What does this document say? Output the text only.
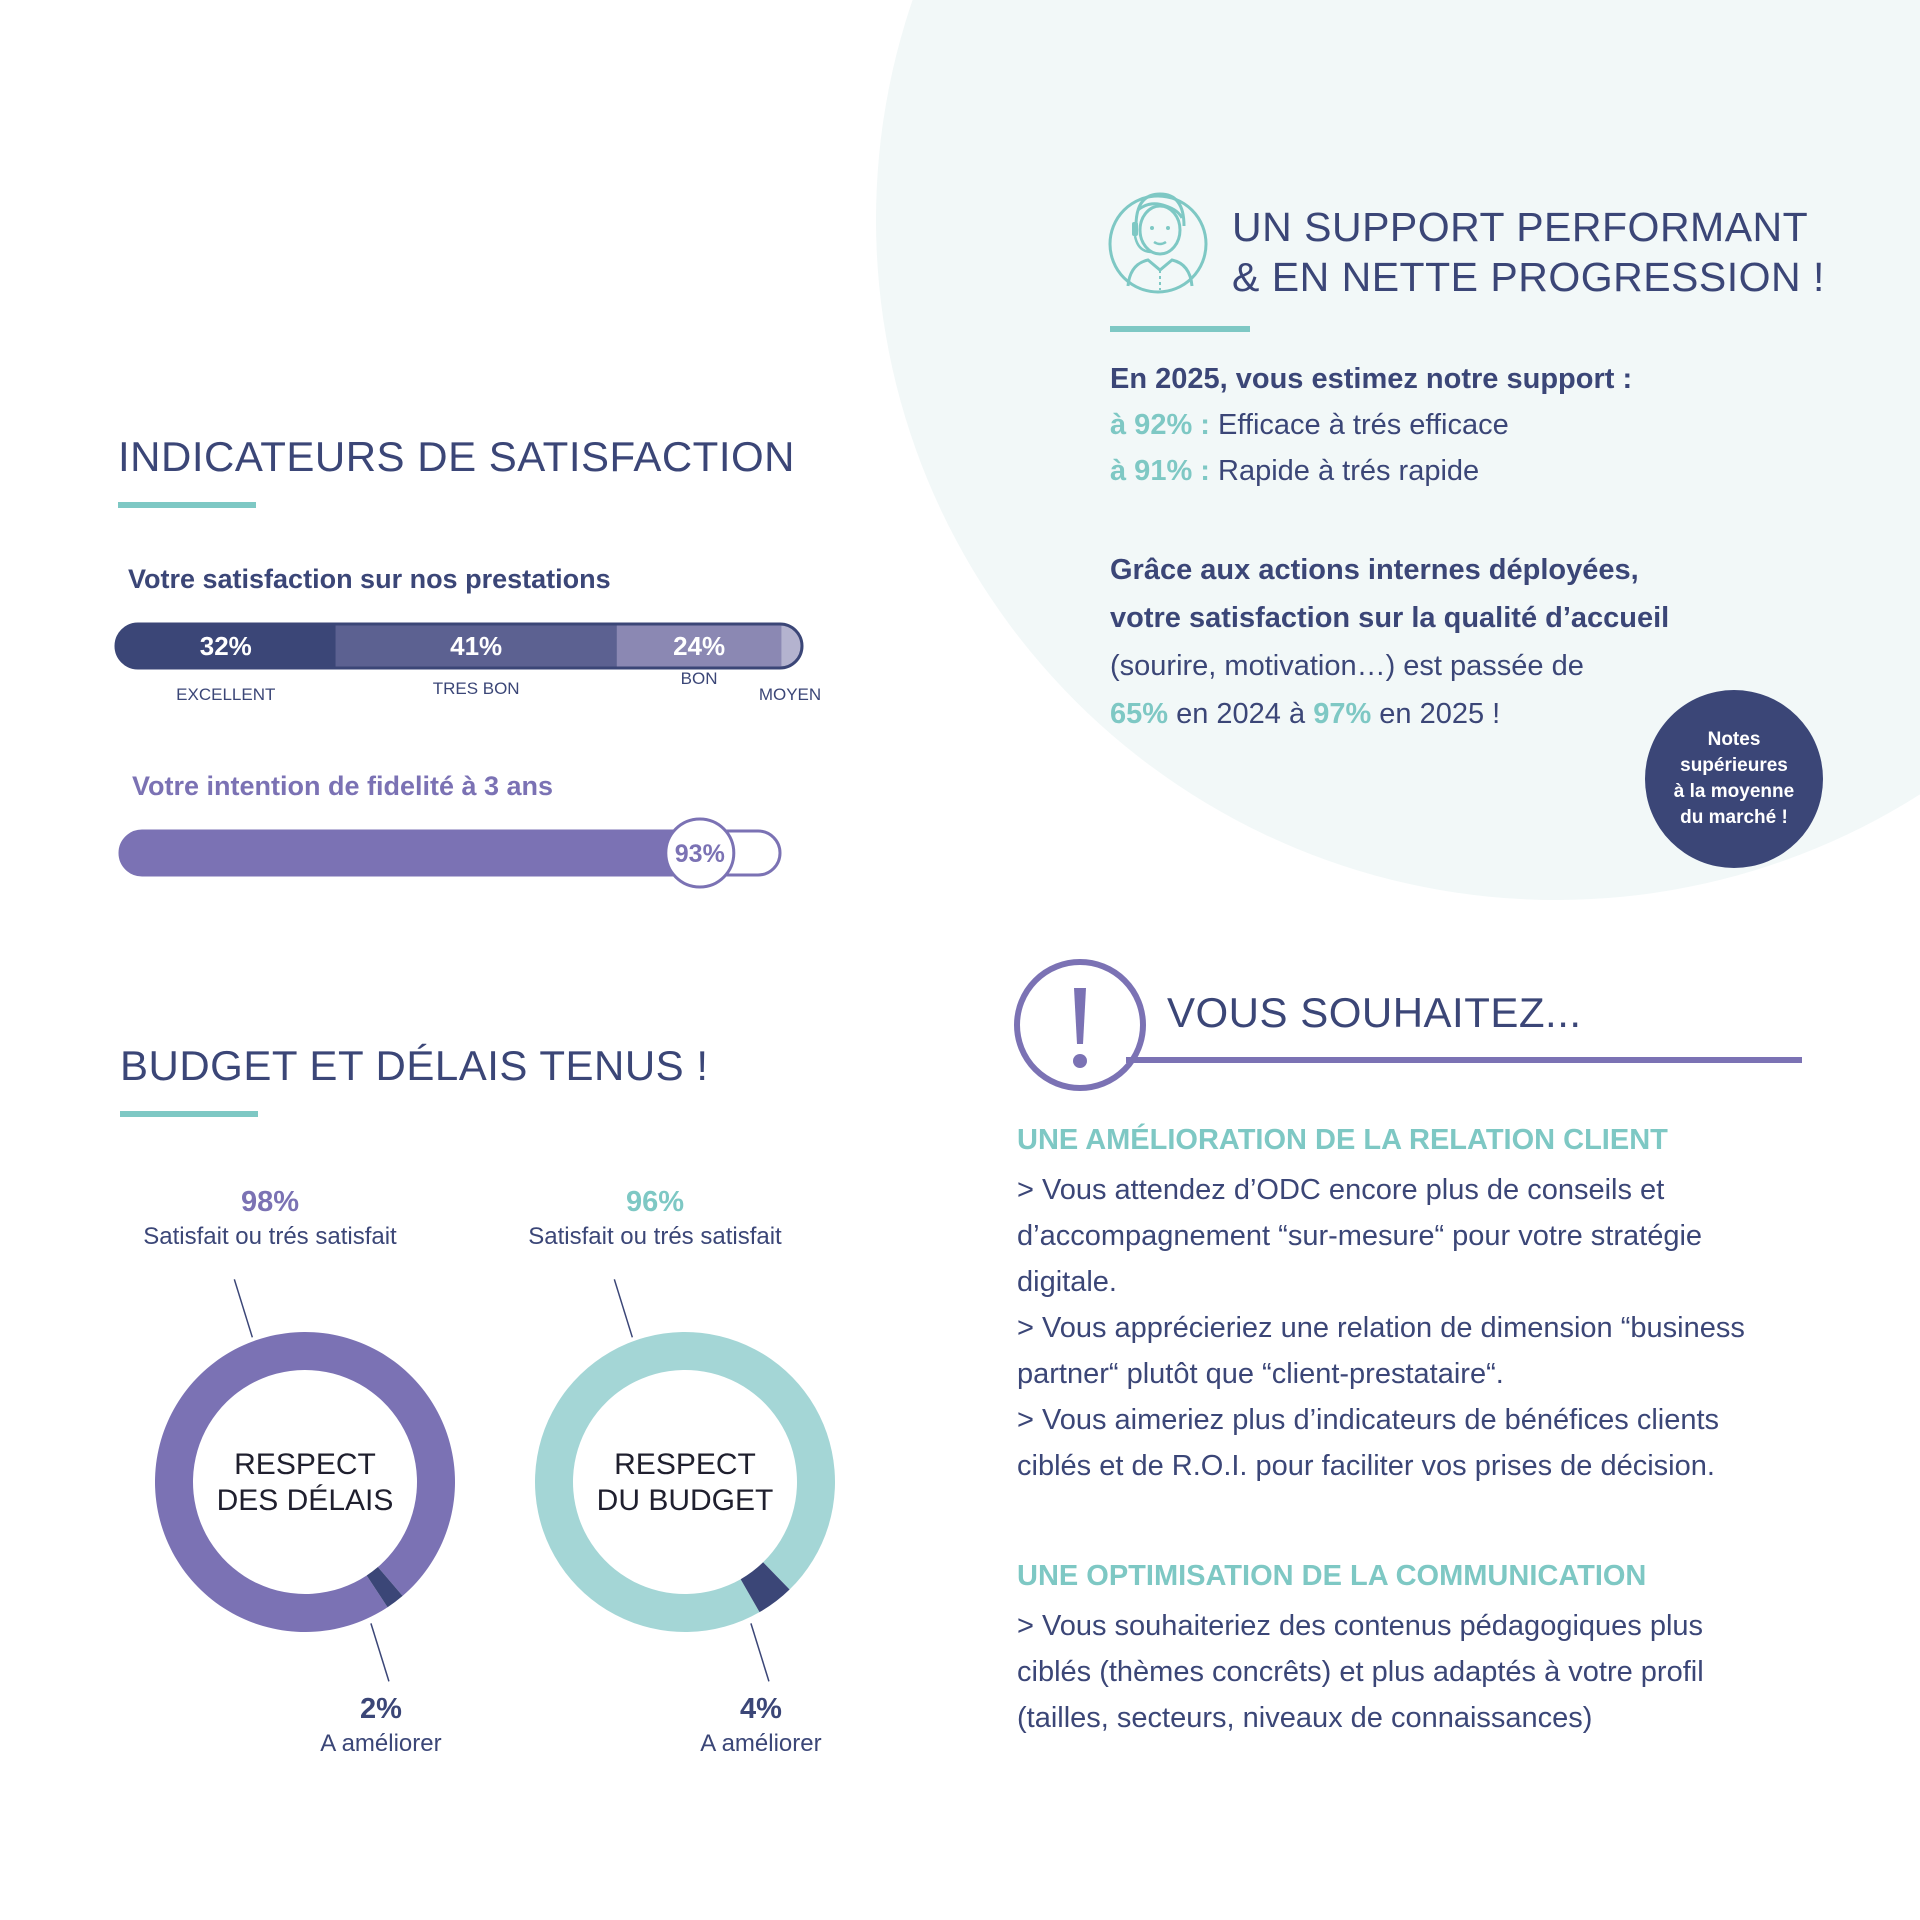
INDICATEURS DE SATISFACTION
Votre satisfaction sur nos prestations
32%	41%	24%
EXCELLENT	TRES BON
BON
MOYEN
Votre intention de fidelité à 3 ans
93%
BUDGET ET DÉLAIS TENUS !
RESPECT
DES DÉLAIS
98%
Satisfait ou trés satisfait
2%
A améliorer
RESPECT
DU BUDGET
96%
Satisfait ou trés satisfait
4%
A améliorer
UN SUPPORT PERFORMANT
& EN NETTE PROGRESSION !
En 2025, vous estimez notre support :
à 92% : Efficace à trés efficace
à 91% : Rapide à trés rapide
Grâce aux actions internes déployées,
votre satisfaction sur la qualité d’accueil
(sourire, motivation…) est passée de
65% en 2024 à 97% en 2025 !
Notes
supérieures
à la moyenne
du marché !
VOUS SOUHAITEZ...
UNE AMÉLIORATION DE LA RELATION CLIENT
> Vous attendez d’ODC encore plus de conseils et
d’accompagnement “sur-mesure“ pour votre stratégie
digitale.
> Vous apprécieriez une relation de dimension “business
partner“ plutôt que “client-prestataire“.
> Vous aimeriez plus d’indicateurs de bénéfices clients
ciblés et de R.O.I. pour faciliter vos prises de décision.
UNE OPTIMISATION DE LA COMMUNICATION
> Vous souhaiteriez des contenus pédagogiques plus
ciblés (thèmes concrêts) et plus adaptés à votre profil
(tailles, secteurs, niveaux de connaissances)
